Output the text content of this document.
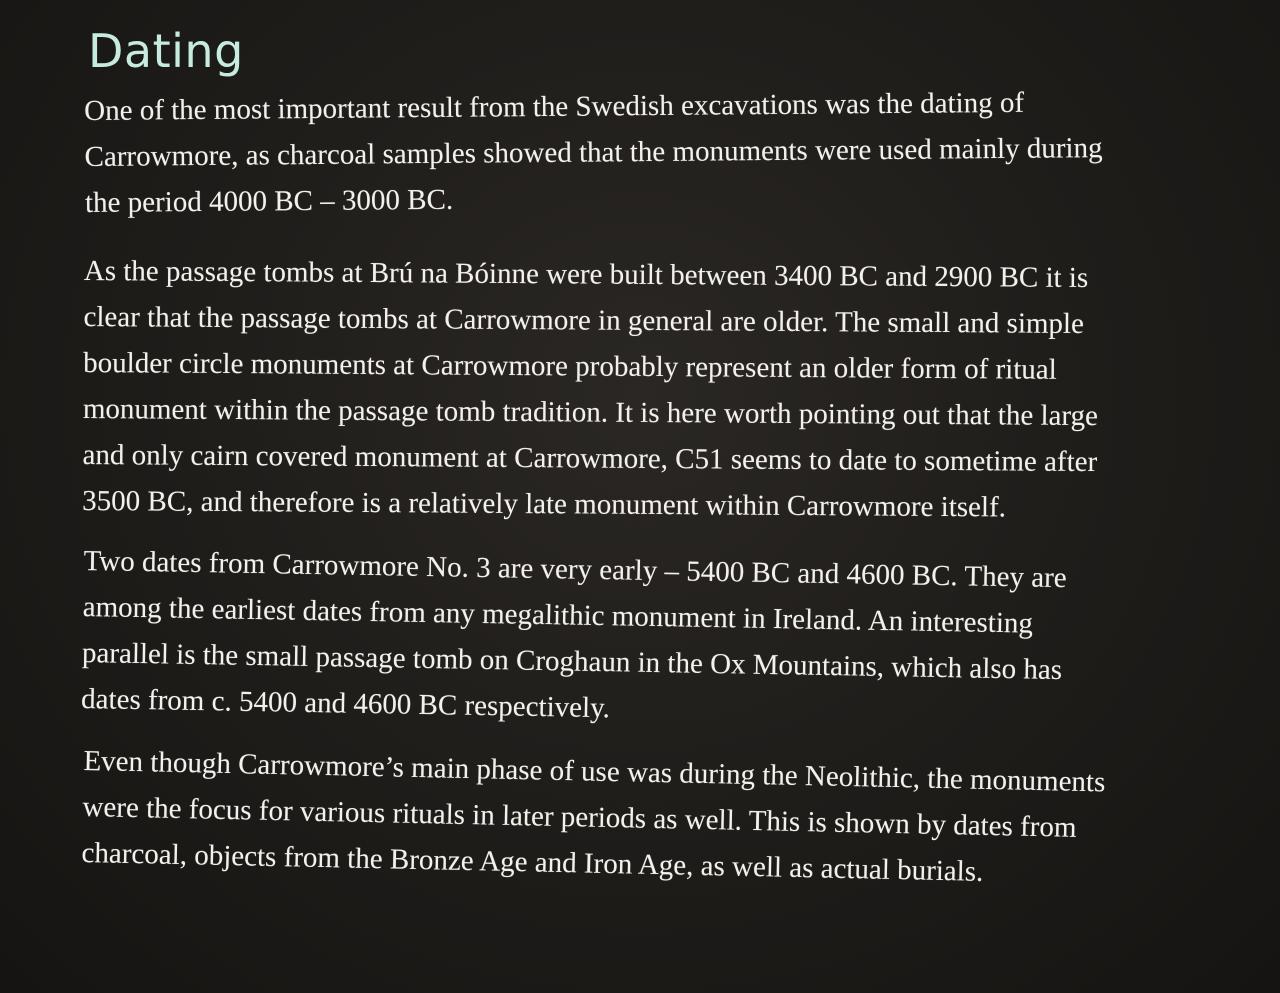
Dating

One of the most important result from the Swedish excavations was the dating of
Carrowmore, as charcoal samples showed that the monuments were used mainly during
the period 4000 BC – 3000 BC.

As the passage tombs at Brú na Bóinne were built between 3400 BC and 2900 BC it is
clear that the passage tombs at Carrowmore in general are older. The small and simple
boulder circle monuments at Carrowmore probably represent an older form of ritual
monument within the passage tomb tradition. It is here worth pointing out that the large
and only cairn covered monument at Carrowmore, C51 seems to date to sometime after
3500 BC, and therefore is a relatively late monument within Carrowmore itself.

Two dates from Carrowmore No. 3 are very early – 5400 BC and 4600 BC. They are
among the earliest dates from any megalithic monument in Ireland. An interesting
parallel is the small passage tomb on Croghaun in the Ox Mountains, which also has
dates from c. 5400 and 4600 BC respectively.

Even though Carrowmore’s main phase of use was during the Neolithic, the monuments
were the focus for various rituals in later periods as well. This is shown by dates from
charcoal, objects from the Bronze Age and Iron Age, as well as actual burials.
